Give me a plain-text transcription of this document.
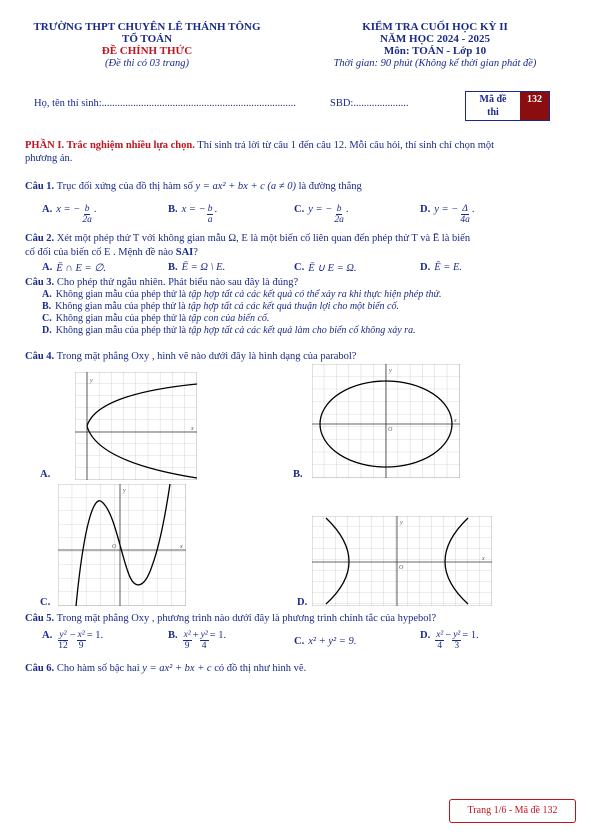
TRƯỜNG THPT CHUYÊN LÊ THÁNH TÔNG
TỔ TOÁN
ĐỀ CHÍNH THỨC
(Đề thi có 03 trang)
KIỂM TRA CUỐI HỌC KỲ II
NĂM HỌC 2024 - 2025
Môn: TOÁN - Lớp 10
Thời gian: 90 phút (Không kể thời gian phát đề)
Họ, tên thí sinh:..........................................................................	SBD:.....................	Mã đề
thi
132
PHẦN I. Trắc nghiệm nhiều lựa chọn. Thí sinh trả lời từ câu 1 đến câu 12. Mỗi câu hỏi, thí sinh chỉ chọn một
phương án.
Câu 1. Trục đối xứng của đồ thị hàm số y = ax² + bx + c (a ≠ 0) là đường thẳng
A. x = − $\frac{b}{2a}$ .	B. x = − $\frac{b}{a}$ .	C. y = − $\frac{b}{2a}$ .	D. y = − $\frac{\Delta}{4a}$ .
Câu 2. Xét một phép thử T với không gian mẫu Ω, E là một biến cố liên quan đến phép thử T và Ē là biến
cố đối của biến cố E . Mệnh đề nào SAI?
A. Ē ∩ E = ∅.	B. Ē = Ω \ E.	C. Ē ∪ E = Ω.	D. Ē = E.
Câu 3. Cho phép thử ngẫu nhiên. Phát biểu nào sau đây là đúng?
A. Không gian mẫu của phép thử là tập hợp tất cả các kết quả có thể xảy ra khi thực hiện phép thử.
B. Không gian mẫu của phép thử là tập hợp tất cả các kết quả thuận lợi cho một biến cố.
C. Không gian mẫu của phép thử là tập con của biến cố.
D. Không gian mẫu của phép thử là tập hợp tất cả các kết quả làm cho biến cố không xảy ra.
Câu 4. Trong mặt phẳng Oxy , hình vẽ nào dưới đây là hình dạng của parabol?
y
x
A.
y
x
O
B.
y
x
O
C.
y
x
O
D.
Câu 5. Trong mặt phẳng Oxy , phương trình nào dưới đây là phương trình chính tắc của hypebol?
A. $\frac{\text{y²}}{12} - \frac{\text{x²}}{9} = 1$.	B. $\frac{\text{x²}}{9} + \frac{\text{y²}}{4} = 1$.
C. x² + y² = 9.
D. $\frac{\text{x²}}{4} - \frac{\text{y²}}{3} = 1$.
Câu 6. Cho hàm số bậc hai y = ax² + bx + c có đồ thị như hình vẽ.
Trang 1/6 - Mã đề 132
